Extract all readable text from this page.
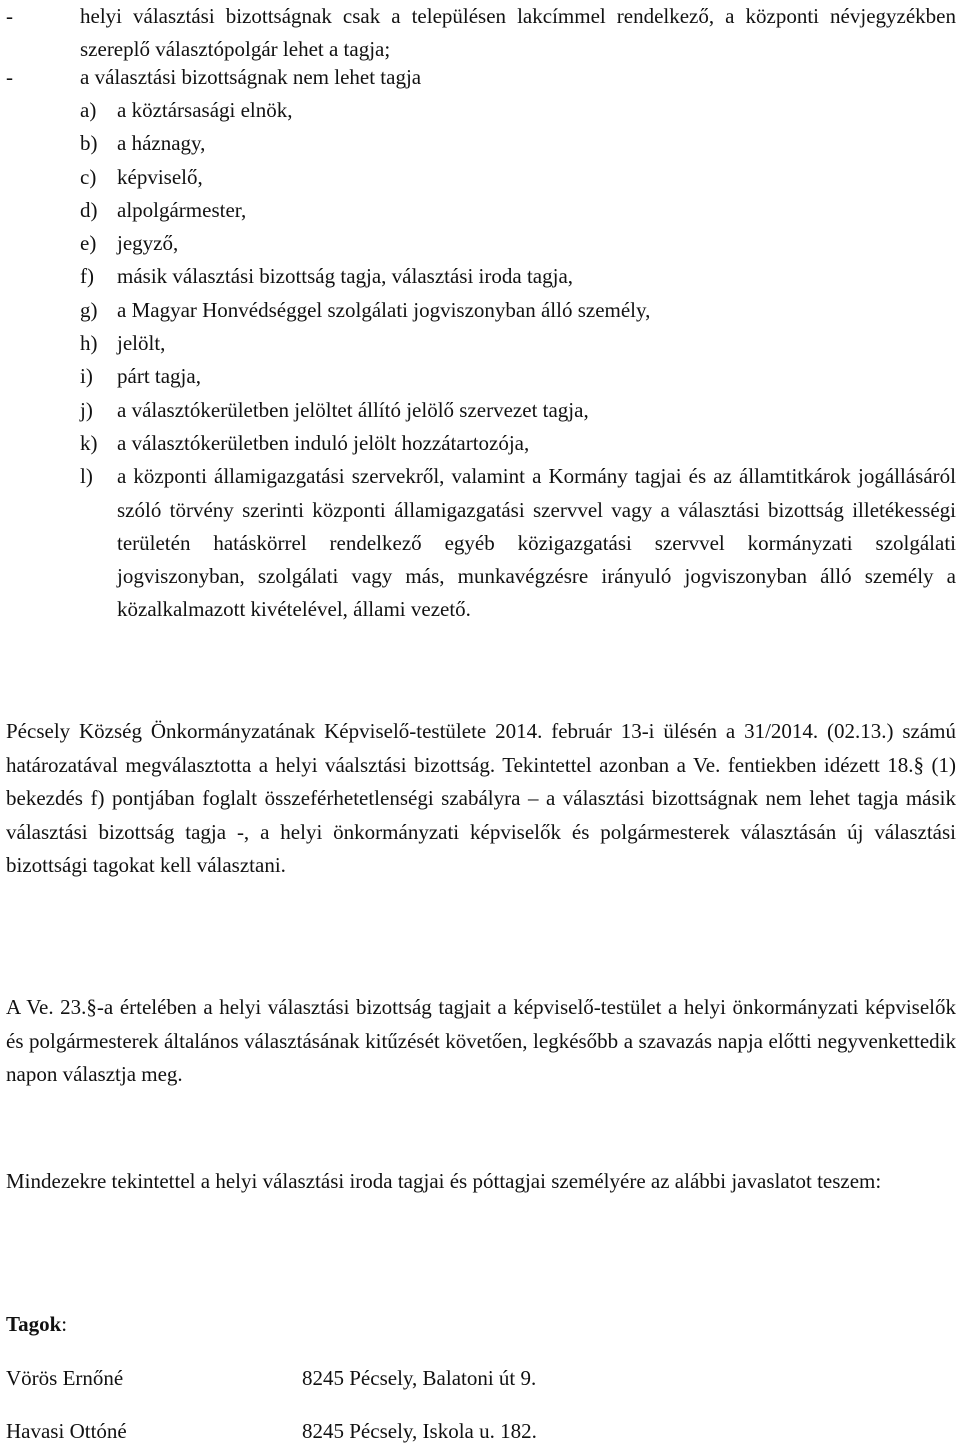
-	helyi választási bizottságnak csak a településen lakcímmel rendelkező, a központi névjegyzékben szereplő választópolgár lehet a tagja;
-	a választási bizottságnak nem lehet tagja
a) a köztársasági elnök,
b) a háznagy,
c) képviselő,
d) alpolgármester,
e) jegyző,
f) másik választási bizottság tagja, választási iroda tagja,
g) a Magyar Honvédséggel szolgálati jogviszonyban álló személy,
h) jelölt,
i) párt tagja,
j) a választókerületben jelöltet állító jelölő szervezet tagja,
k) a választókerületben induló jelölt hozzátartozója,
l) a központi államigazgatási szervekről, valamint a Kormány tagjai és az államtitkárok jogállásáról szóló törvény szerinti központi államigazgatási szervvel vagy a választási bizottság illetékességi területén hatáskörrel rendelkező egyéb közigazgatási szervvel kormányzati szolgálati jogviszonyban, szolgálati vagy más, munkavégzésre irányuló jogviszonyban álló személy a közalkalmazott kivételével, állami vezető.

Pécsely Község Önkormányzatának Képviselő-testülete 2014. február 13-i ülésén a 31/2014. (02.13.) számú határozatával megválasztotta a helyi váalsztási bizottság. Tekintettel azonban a Ve. fentiekben idézett 18.§ (1) bekezdés f) pontjában foglalt összeférhetetlenségi szabályra – a választási bizottságnak nem lehet tagja másik választási bizottság tagja -, a helyi önkormányzati képviselők és polgármesterek választásán új választási bizottsági tagokat kell választani.

A Ve. 23.§-a értelében a helyi választási bizottság tagjait a képviselő-testület a helyi önkormányzati képviselők és polgármesterek általános választásának kitűzését követően, legkésőbb a szavazás napja előtti negyvenkettedik napon választja meg.

Mindezekre tekintettel a helyi választási iroda tagjai és póttagjai személyére az alábbi javaslatot teszem:

Tagok:
Vörös Ernőné	8245 Pécsely, Balatoni út 9.
Havasi Ottóné	8245 Pécsely, Iskola u. 182.
